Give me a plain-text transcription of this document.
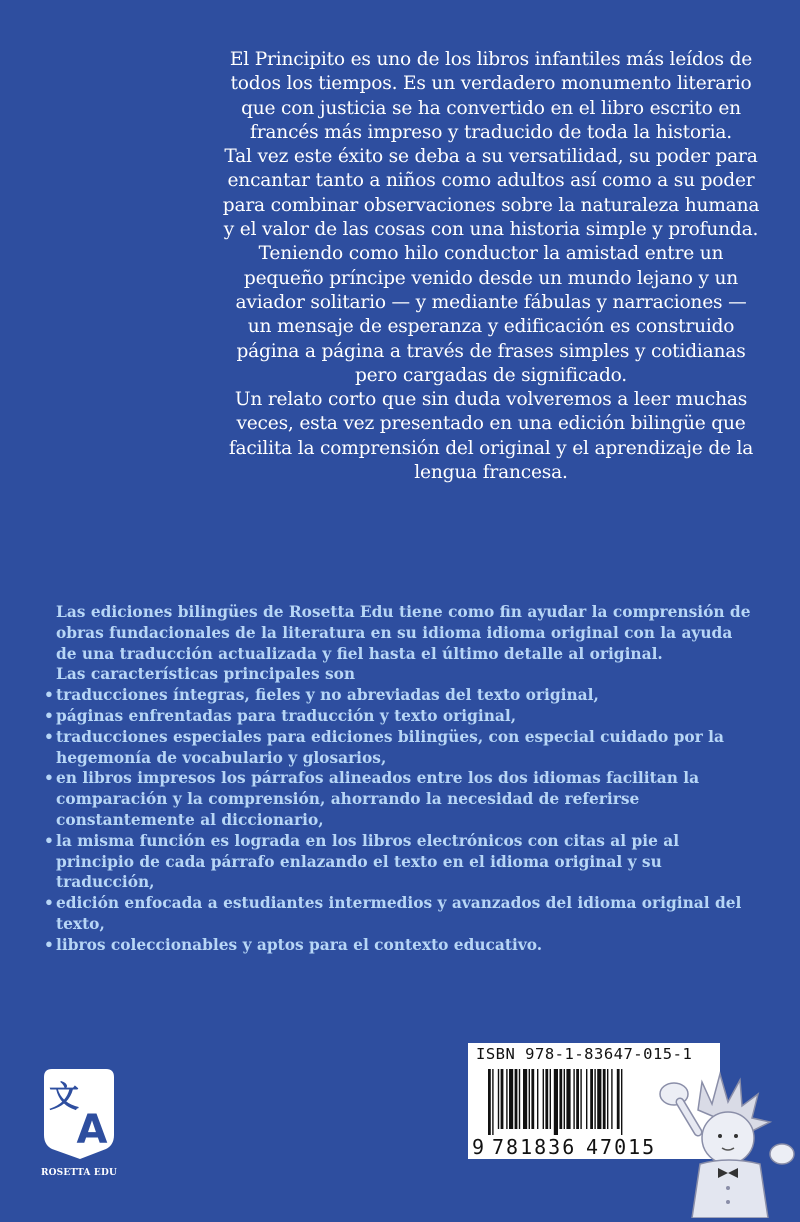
El Principito es uno de los libros infantiles más leídos de todos los tiempos. Es un verdadero monumento literario que con justicia se ha convertido en el libro escrito en francés más impreso y traducido de toda la historia.

Tal vez este éxito se deba a su versatilidad, su poder para encantar tanto a niños como adultos así como a su poder para combinar observaciones sobre la naturaleza humana y el valor de las cosas con una historia simple y profunda.

Teniendo como hilo conductor la amistad entre un pequeño príncipe venido desde un mundo lejano y un aviador solitario — y mediante fábulas y narraciones — un mensaje de esperanza y edificación es construido página a página a través de frases simples y cotidianas pero cargadas de significado.

Un relato corto que sin duda volveremos a leer muchas veces, esta vez presentado en una edición bilingüe que facilita la comprensión del original y el aprendizaje de la lengua francesa.

Las ediciones bilingües de Rosetta Edu tiene como fin ayudar la comprensión de obras fundacionales de la literatura en su idioma idioma original con la ayuda de una traducción actualizada y fiel hasta el último detalle al original.

Las características principales son

• traducciones íntegras, fieles y no abreviadas del texto original,
• páginas enfrentadas para traducción y texto original,
• traducciones especiales para ediciones bilingües, con especial cuidado por la hegemonía de vocabulario y glosarios,
• en libros impresos los párrafos alineados entre los dos idiomas facilitan la comparación y la comprensión, ahorrando la necesidad de referirse constantemente al diccionario,
• la misma función es lograda en los libros electrónicos con citas al pie al principio de cada párrafo enlazando el texto en el idioma original y su traducción,
• edición enfocada a estudiantes intermedios y avanzados del idioma original del texto,
• libros coleccionables y aptos para el contexto educativo.
文
A
ROSETTA EDU
ISBN 978-1-83647-015-1
9 781836 47015
